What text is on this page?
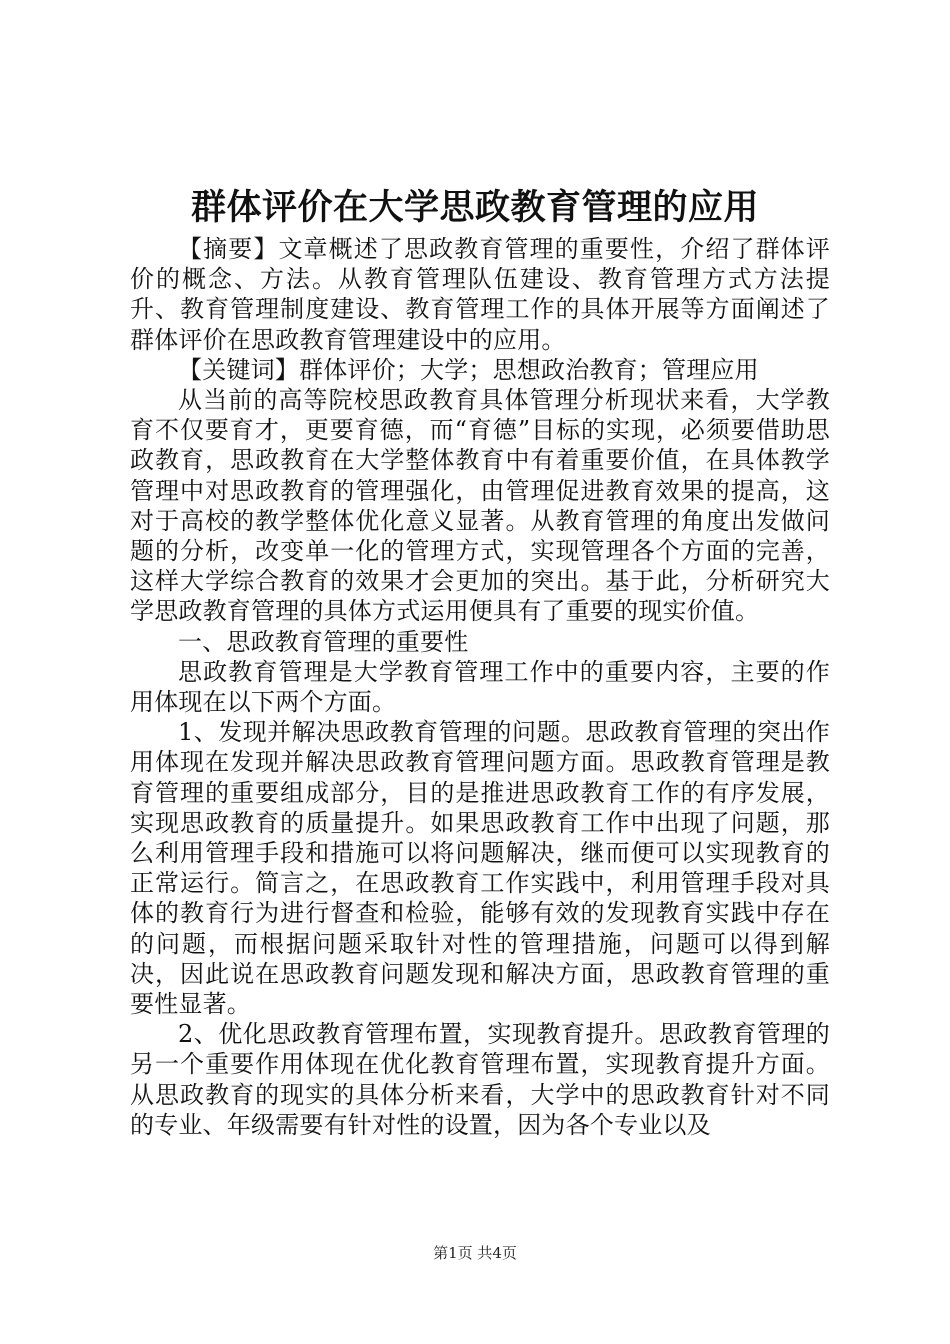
群体评价在大学思政教育管理的应用

【摘要】文章概述了思政教育管理的重要性，介绍了群体评价的概念、方法。从教育管理队伍建设、教育管理方式方法提升、教育管理制度建设、教育管理工作的具体开展等方面阐述了群体评价在思政教育管理建设中的应用。

【关键词】群体评价；大学；思想政治教育；管理应用

从当前的高等院校思政教育具体管理分析现状来看，大学教育不仅要育才，更要育德，而“育德”目标的实现，必须要借助思政教育，思政教育在大学整体教育中有着重要价值，在具体教学管理中对思政教育的管理强化，由管理促进教育效果的提高，这对于高校的教学整体优化意义显著。从教育管理的角度出发做问题的分析，改变单一化的管理方式，实现管理各个方面的完善，这样大学综合教育的效果才会更加的突出。基于此，分析研究大学思政教育管理的具体方式运用便具有了重要的现实价值。

一、思政教育管理的重要性

思政教育管理是大学教育管理工作中的重要内容，主要的作用体现在以下两个方面。

1、发现并解决思政教育管理的问题。思政教育管理的突出作用体现在发现并解决思政教育管理问题方面。思政教育管理是教育管理的重要组成部分，目的是推进思政教育工作的有序发展，实现思政教育的质量提升。如果思政教育工作中出现了问题，那么利用管理手段和措施可以将问题解决，继而便可以实现教育的正常运行。简言之，在思政教育工作实践中，利用管理手段对具体的教育行为进行督查和检验，能够有效的发现教育实践中存在的问题，而根据问题采取针对性的管理措施，问题可以得到解决，因此说在思政教育问题发现和解决方面，思政教育管理的重要性显著。

2、优化思政教育管理布置，实现教育提升。思政教育管理的另一个重要作用体现在优化教育管理布置，实现教育提升方面。从思政教育的现实的具体分析来看，大学中的思政教育针对不同的专业、年级需要有针对性的设置，因为各个专业以及

第1页 共4页
